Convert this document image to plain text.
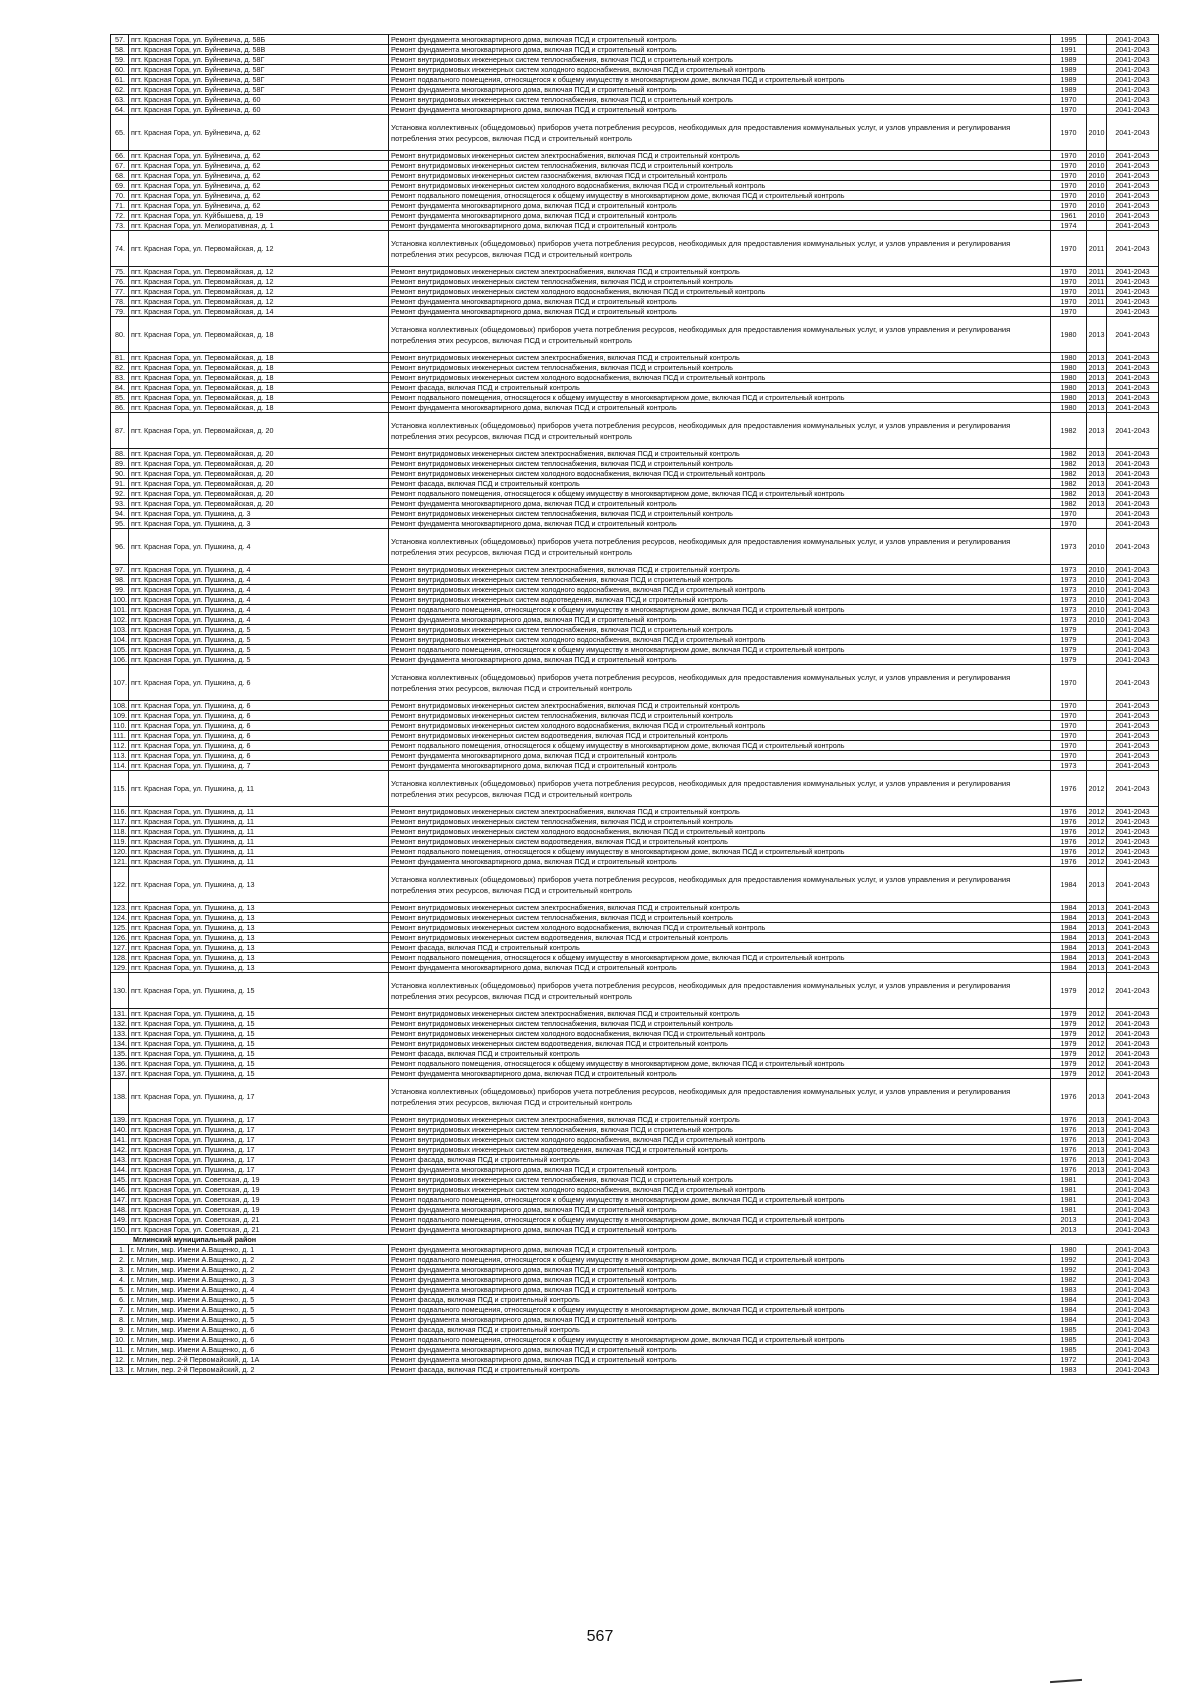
57.	пгт. Красная Гора, ул. Буйневича, д. 58Б	Ремонт фундамента многоквартирного дома, включая ПСД и строительный контроль	1995		2041-2043
58.	пгт. Красная Гора, ул. Буйневича, д. 58В	Ремонт фундамента многоквартирного дома, включая ПСД и строительный контроль	1991		2041-2043
59.	пгт. Красная Гора, ул. Буйневича, д. 58Г	Ремонт внутридомовых инженерных систем теплоснабжения, включая ПСД и строительный контроль	1989		2041-2043
60.	пгт. Красная Гора, ул. Буйневича, д. 58Г	Ремонт внутридомовых инженерных систем холодного водоснабжения, включая ПСД и строительный контроль	1989		2041-2043
61.	пгт. Красная Гора, ул. Буйневича, д. 58Г	Ремонт подвального помещения, относящегося к общему имуществу в многоквартирном доме, включая ПСД и строительный контроль	1989		2041-2043
62.	пгт. Красная Гора, ул. Буйневича, д. 58Г	Ремонт фундамента многоквартирного дома, включая ПСД и строительный контроль	1989		2041-2043
63.	пгт. Красная Гора, ул. Буйневича, д. 60	Ремонт внутридомовых инженерных систем теплоснабжения, включая ПСД и строительный контроль	1970		2041-2043
64.	пгт. Красная Гора, ул. Буйневича, д. 60	Ремонт фундамента многоквартирного дома, включая ПСД и строительный контроль	1970		2041-2043
65.	пгт. Красная Гора, ул. Буйневича, д. 62	Установка коллективных (общедомовых) приборов учета потребления ресурсов, необходимых для предоставления коммунальных услуг, и узлов управления и регулирования потребления этих ресурсов, включая ПСД и строительный контроль	1970	2010	2041-2043
66.	пгт. Красная Гора, ул. Буйневича, д. 62	Ремонт внутридомовых инженерных систем электроснабжения, включая ПСД и строительный контроль	1970	2010	2041-2043
67.	пгт. Красная Гора, ул. Буйневича, д. 62	Ремонт внутридомовых инженерных систем теплоснабжения, включая ПСД и строительный контроль	1970	2010	2041-2043
68.	пгт. Красная Гора, ул. Буйневича, д. 62	Ремонт внутридомовых инженерных систем газоснабжения, включая ПСД и строительный контроль	1970	2010	2041-2043
69.	пгт. Красная Гора, ул. Буйневича, д. 62	Ремонт внутридомовых инженерных систем холодного водоснабжения, включая ПСД и строительный контроль	1970	2010	2041-2043
70.	пгт. Красная Гора, ул. Буйневича, д. 62	Ремонт подвального помещения, относящегося к общему имуществу в многоквартирном доме, включая ПСД и строительный контроль	1970	2010	2041-2043
71.	пгт. Красная Гора, ул. Буйневича, д. 62	Ремонт фундамента многоквартирного дома, включая ПСД и строительный контроль	1970	2010	2041-2043
72.	пгт. Красная Гора, ул. Куйбышева, д. 19	Ремонт фундамента многоквартирного дома, включая ПСД и строительный контроль	1961	2010	2041-2043
73.	пгт. Красная Гора, ул. Мелиоративная, д. 1	Ремонт фундамента многоквартирного дома, включая ПСД и строительный контроль	1974		2041-2043
74.	пгт. Красная Гора, ул. Первомайская, д. 12	Установка коллективных (общедомовых) приборов учета потребления ресурсов, необходимых для предоставления коммунальных услуг, и узлов управления и регулирования потребления этих ресурсов, включая ПСД и строительный контроль	1970	2011	2041-2043
75.	пгт. Красная Гора, ул. Первомайская, д. 12	Ремонт внутридомовых инженерных систем электроснабжения, включая ПСД и строительный контроль	1970	2011	2041-2043
76.	пгт. Красная Гора, ул. Первомайская, д. 12	Ремонт внутридомовых инженерных систем теплоснабжения, включая ПСД и строительный контроль	1970	2011	2041-2043
77.	пгт. Красная Гора, ул. Первомайская, д. 12	Ремонт внутридомовых инженерных систем холодного водоснабжения, включая ПСД и строительный контроль	1970	2011	2041-2043
78.	пгт. Красная Гора, ул. Первомайская, д. 12	Ремонт фундамента многоквартирного дома, включая ПСД и строительный контроль	1970	2011	2041-2043
79.	пгт. Красная Гора, ул. Первомайская, д. 14	Ремонт фундамента многоквартирного дома, включая ПСД и строительный контроль	1970		2041-2043
80.	пгт. Красная Гора, ул. Первомайская, д. 18	Установка коллективных (общедомовых) приборов учета потребления ресурсов, необходимых для предоставления коммунальных услуг, и узлов управления и регулирования потребления этих ресурсов, включая ПСД и строительный контроль	1980	2013	2041-2043
81.	пгт. Красная Гора, ул. Первомайская, д. 18	Ремонт внутридомовых инженерных систем электроснабжения, включая ПСД и строительный контроль	1980	2013	2041-2043
82.	пгт. Красная Гора, ул. Первомайская, д. 18	Ремонт внутридомовых инженерных систем теплоснабжения, включая ПСД и строительный контроль	1980	2013	2041-2043
83.	пгт. Красная Гора, ул. Первомайская, д. 18	Ремонт внутридомовых инженерных систем холодного водоснабжения, включая ПСД и строительный контроль	1980	2013	2041-2043
84.	пгт. Красная Гора, ул. Первомайская, д. 18	Ремонт фасада, включая ПСД и строительный контроль	1980	2013	2041-2043
85.	пгт. Красная Гора, ул. Первомайская, д. 18	Ремонт подвального помещения, относящегося к общему имуществу в многоквартирном доме, включая ПСД и строительный контроль	1980	2013	2041-2043
86.	пгт. Красная Гора, ул. Первомайская, д. 18	Ремонт фундамента многоквартирного дома, включая ПСД и строительный контроль	1980	2013	2041-2043
87.	пгт. Красная Гора, ул. Первомайская, д. 20	Установка коллективных (общедомовых) приборов учета потребления ресурсов, необходимых для предоставления коммунальных услуг, и узлов управления и регулирования потребления этих ресурсов, включая ПСД и строительный контроль	1982	2013	2041-2043
88.	пгт. Красная Гора, ул. Первомайская, д. 20	Ремонт внутридомовых инженерных систем электроснабжения, включая ПСД и строительный контроль	1982	2013	2041-2043
89.	пгт. Красная Гора, ул. Первомайская, д. 20	Ремонт внутридомовых инженерных систем теплоснабжения, включая ПСД и строительный контроль	1982	2013	2041-2043
90.	пгт. Красная Гора, ул. Первомайская, д. 20	Ремонт внутридомовых инженерных систем холодного водоснабжения, включая ПСД и строительный контроль	1982	2013	2041-2043
91.	пгт. Красная Гора, ул. Первомайская, д. 20	Ремонт фасада, включая ПСД и строительный контроль	1982	2013	2041-2043
92.	пгт. Красная Гора, ул. Первомайская, д. 20	Ремонт подвального помещения, относящегося к общему имуществу в многоквартирном доме, включая ПСД и строительный контроль	1982	2013	2041-2043
93.	пгт. Красная Гора, ул. Первомайская, д. 20	Ремонт фундамента многоквартирного дома, включая ПСД и строительный контроль	1982	2013	2041-2043
94.	пгт. Красная Гора, ул. Пушкина, д. 3	Ремонт внутридомовых инженерных систем теплоснабжения, включая ПСД и строительный контроль	1970		2041-2043
95.	пгт. Красная Гора, ул. Пушкина, д. 3	Ремонт фундамента многоквартирного дома, включая ПСД и строительный контроль	1970		2041-2043
96.	пгт. Красная Гора, ул. Пушкина, д. 4	Установка коллективных (общедомовых) приборов учета потребления ресурсов, необходимых для предоставления коммунальных услуг, и узлов управления и регулирования потребления этих ресурсов, включая ПСД и строительный контроль	1973	2010	2041-2043
97.	пгт. Красная Гора, ул. Пушкина, д. 4	Ремонт внутридомовых инженерных систем электроснабжения, включая ПСД и строительный контроль	1973	2010	2041-2043
98.	пгт. Красная Гора, ул. Пушкина, д. 4	Ремонт внутридомовых инженерных систем теплоснабжения, включая ПСД и строительный контроль	1973	2010	2041-2043
99.	пгт. Красная Гора, ул. Пушкина, д. 4	Ремонт внутридомовых инженерных систем холодного водоснабжения, включая ПСД и строительный контроль	1973	2010	2041-2043
100.	пгт. Красная Гора, ул. Пушкина, д. 4	Ремонт внутридомовых инженерных систем водоотведения, включая ПСД и строительный контроль	1973	2010	2041-2043
101.	пгт. Красная Гора, ул. Пушкина, д. 4	Ремонт подвального помещения, относящегося к общему имуществу в многоквартирном доме, включая ПСД и строительный контроль	1973	2010	2041-2043
102.	пгт. Красная Гора, ул. Пушкина, д. 4	Ремонт фундамента многоквартирного дома, включая ПСД и строительный контроль	1973	2010	2041-2043
103.	пгт. Красная Гора, ул. Пушкина, д. 5	Ремонт внутридомовых инженерных систем теплоснабжения, включая ПСД и строительный контроль	1979		2041-2043
104.	пгт. Красная Гора, ул. Пушкина, д. 5	Ремонт внутридомовых инженерных систем холодного водоснабжения, включая ПСД и строительный контроль	1979		2041-2043
105.	пгт. Красная Гора, ул. Пушкина, д. 5	Ремонт подвального помещения, относящегося к общему имуществу в многоквартирном доме, включая ПСД и строительный контроль	1979		2041-2043
106.	пгт. Красная Гора, ул. Пушкина, д. 5	Ремонт фундамента многоквартирного дома, включая ПСД и строительный контроль	1979		2041-2043
107.	пгт. Красная Гора, ул. Пушкина, д. 6	Установка коллективных (общедомовых) приборов учета потребления ресурсов, необходимых для предоставления коммунальных услуг, и узлов управления и регулирования потребления этих ресурсов, включая ПСД и строительный контроль	1970		2041-2043
108.	пгт. Красная Гора, ул. Пушкина, д. 6	Ремонт внутридомовых инженерных систем электроснабжения, включая ПСД и строительный контроль	1970		2041-2043
109.	пгт. Красная Гора, ул. Пушкина, д. 6	Ремонт внутридомовых инженерных систем теплоснабжения, включая ПСД и строительный контроль	1970		2041-2043
110.	пгт. Красная Гора, ул. Пушкина, д. 6	Ремонт внутридомовых инженерных систем холодного водоснабжения, включая ПСД и строительный контроль	1970		2041-2043
111.	пгт. Красная Гора, ул. Пушкина, д. 6	Ремонт внутридомовых инженерных систем водоотведения, включая ПСД и строительный контроль	1970		2041-2043
112.	пгт. Красная Гора, ул. Пушкина, д. 6	Ремонт подвального помещения, относящегося к общему имуществу в многоквартирном доме, включая ПСД и строительный контроль	1970		2041-2043
113.	пгт. Красная Гора, ул. Пушкина, д. 6	Ремонт фундамента многоквартирного дома, включая ПСД и строительный контроль	1970		2041-2043
114.	пгт. Красная Гора, ул. Пушкина, д. 7	Ремонт фундамента многоквартирного дома, включая ПСД и строительный контроль	1973		2041-2043
115.	пгт. Красная Гора, ул. Пушкина, д. 11	Установка коллективных (общедомовых) приборов учета потребления ресурсов, необходимых для предоставления коммунальных услуг, и узлов управления и регулирования потребления этих ресурсов, включая ПСД и строительный контроль	1976	2012	2041-2043
116.	пгт. Красная Гора, ул. Пушкина, д. 11	Ремонт внутридомовых инженерных систем электроснабжения, включая ПСД и строительный контроль	1976	2012	2041-2043
117.	пгт. Красная Гора, ул. Пушкина, д. 11	Ремонт внутридомовых инженерных систем теплоснабжения, включая ПСД и строительный контроль	1976	2012	2041-2043
118.	пгт. Красная Гора, ул. Пушкина, д. 11	Ремонт внутридомовых инженерных систем холодного водоснабжения, включая ПСД и строительный контроль	1976	2012	2041-2043
119.	пгт. Красная Гора, ул. Пушкина, д. 11	Ремонт внутридомовых инженерных систем водоотведения, включая ПСД и строительный контроль	1976	2012	2041-2043
120.	пгт. Красная Гора, ул. Пушкина, д. 11	Ремонт подвального помещения, относящегося к общему имуществу в многоквартирном доме, включая ПСД и строительный контроль	1976	2012	2041-2043
121.	пгт. Красная Гора, ул. Пушкина, д. 11	Ремонт фундамента многоквартирного дома, включая ПСД и строительный контроль	1976	2012	2041-2043
122.	пгт. Красная Гора, ул. Пушкина, д. 13	Установка коллективных (общедомовых) приборов учета потребления ресурсов, необходимых для предоставления коммунальных услуг, и узлов управления и регулирования потребления этих ресурсов, включая ПСД и строительный контроль	1984	2013	2041-2043
123.	пгт. Красная Гора, ул. Пушкина, д. 13	Ремонт внутридомовых инженерных систем электроснабжения, включая ПСД и строительный контроль	1984	2013	2041-2043
124.	пгт. Красная Гора, ул. Пушкина, д. 13	Ремонт внутридомовых инженерных систем теплоснабжения, включая ПСД и строительный контроль	1984	2013	2041-2043
125.	пгт. Красная Гора, ул. Пушкина, д. 13	Ремонт внутридомовых инженерных систем холодного водоснабжения, включая ПСД и строительный контроль	1984	2013	2041-2043
126.	пгт. Красная Гора, ул. Пушкина, д. 13	Ремонт внутридомовых инженерных систем водоотведения, включая ПСД и строительный контроль	1984	2013	2041-2043
127.	пгт. Красная Гора, ул. Пушкина, д. 13	Ремонт фасада, включая ПСД и строительный контроль	1984	2013	2041-2043
128.	пгт. Красная Гора, ул. Пушкина, д. 13	Ремонт подвального помещения, относящегося к общему имуществу в многоквартирном доме, включая ПСД и строительный контроль	1984	2013	2041-2043
129.	пгт. Красная Гора, ул. Пушкина, д. 13	Ремонт фундамента многоквартирного дома, включая ПСД и строительный контроль	1984	2013	2041-2043
130.	пгт. Красная Гора, ул. Пушкина, д. 15	Установка коллективных (общедомовых) приборов учета потребления ресурсов, необходимых для предоставления коммунальных услуг, и узлов управления и регулирования потребления этих ресурсов, включая ПСД и строительный контроль	1979	2012	2041-2043
131.	пгт. Красная Гора, ул. Пушкина, д. 15	Ремонт внутридомовых инженерных систем электроснабжения, включая ПСД и строительный контроль	1979	2012	2041-2043
132.	пгт. Красная Гора, ул. Пушкина, д. 15	Ремонт внутридомовых инженерных систем теплоснабжения, включая ПСД и строительный контроль	1979	2012	2041-2043
133.	пгт. Красная Гора, ул. Пушкина, д. 15	Ремонт внутридомовых инженерных систем холодного водоснабжения, включая ПСД и строительный контроль	1979	2012	2041-2043
134.	пгт. Красная Гора, ул. Пушкина, д. 15	Ремонт внутридомовых инженерных систем водоотведения, включая ПСД и строительный контроль	1979	2012	2041-2043
135.	пгт. Красная Гора, ул. Пушкина, д. 15	Ремонт фасада, включая ПСД и строительный контроль	1979	2012	2041-2043
136.	пгт. Красная Гора, ул. Пушкина, д. 15	Ремонт подвального помещения, относящегося к общему имуществу в многоквартирном доме, включая ПСД и строительный контроль	1979	2012	2041-2043
137.	пгт. Красная Гора, ул. Пушкина, д. 15	Ремонт фундамента многоквартирного дома, включая ПСД и строительный контроль	1979	2012	2041-2043
138.	пгт. Красная Гора, ул. Пушкина, д. 17	Установка коллективных (общедомовых) приборов учета потребления ресурсов, необходимых для предоставления коммунальных услуг, и узлов управления и регулирования потребления этих ресурсов, включая ПСД и строительный контроль	1976	2013	2041-2043
139.	пгт. Красная Гора, ул. Пушкина, д. 17	Ремонт внутридомовых инженерных систем электроснабжения, включая ПСД и строительный контроль	1976	2013	2041-2043
140.	пгт. Красная Гора, ул. Пушкина, д. 17	Ремонт внутридомовых инженерных систем теплоснабжения, включая ПСД и строительный контроль	1976	2013	2041-2043
141.	пгт. Красная Гора, ул. Пушкина, д. 17	Ремонт внутридомовых инженерных систем холодного водоснабжения, включая ПСД и строительный контроль	1976	2013	2041-2043
142.	пгт. Красная Гора, ул. Пушкина, д. 17	Ремонт внутридомовых инженерных систем водоотведения, включая ПСД и строительный контроль	1976	2013	2041-2043
143.	пгт. Красная Гора, ул. Пушкина, д. 17	Ремонт фасада, включая ПСД и строительный контроль	1976	2013	2041-2043
144.	пгт. Красная Гора, ул. Пушкина, д. 17	Ремонт фундамента многоквартирного дома, включая ПСД и строительный контроль	1976	2013	2041-2043
145.	пгт. Красная Гора, ул. Советская, д. 19	Ремонт внутридомовых инженерных систем теплоснабжения, включая ПСД и строительный контроль	1981		2041-2043
146.	пгт. Красная Гора, ул. Советская, д. 19	Ремонт внутридомовых инженерных систем холодного водоснабжения, включая ПСД и строительный контроль	1981		2041-2043
147.	пгт. Красная Гора, ул. Советская, д. 19	Ремонт подвального помещения, относящегося к общему имуществу в многоквартирном доме, включая ПСД и строительный контроль	1981		2041-2043
148.	пгт. Красная Гора, ул. Советская, д. 19	Ремонт фундамента многоквартирного дома, включая ПСД и строительный контроль	1981		2041-2043
149.	пгт. Красная Гора, ул. Советская, д. 21	Ремонт подвального помещения, относящегося к общему имуществу в многоквартирном доме, включая ПСД и строительный контроль	2013		2041-2043
150.	пгт. Красная Гора, ул. Советская, д. 21	Ремонт фундамента многоквартирного дома, включая ПСД и строительный контроль	2013		2041-2043
Мглинский муниципальный район					
1.	г. Мглин, мкр. Имени А.Ващенко, д. 1	Ремонт фундамента многоквартирного дома, включая ПСД и строительный контроль	1980		2041-2043
2.	г. Мглин, мкр. Имени А.Ващенко, д. 2	Ремонт подвального помещения, относящегося к общему имуществу в многоквартирном доме, включая ПСД и строительный контроль	1992		2041-2043
3.	г. Мглин, мкр. Имени А.Ващенко, д. 2	Ремонт фундамента многоквартирного дома, включая ПСД и строительный контроль	1992		2041-2043
4.	г. Мглин, мкр. Имени А.Ващенко, д. 3	Ремонт фундамента многоквартирного дома, включая ПСД и строительный контроль	1982		2041-2043
5.	г. Мглин, мкр. Имени А.Ващенко, д. 4	Ремонт фундамента многоквартирного дома, включая ПСД и строительный контроль	1983		2041-2043
6.	г. Мглин, мкр. Имени А.Ващенко, д. 5	Ремонт фасада, включая ПСД и строительный контроль	1984		2041-2043
7.	г. Мглин, мкр. Имени А.Ващенко, д. 5	Ремонт подвального помещения, относящегося к общему имуществу в многоквартирном доме, включая ПСД и строительный контроль	1984		2041-2043
8.	г. Мглин, мкр. Имени А.Ващенко, д. 5	Ремонт фундамента многоквартирного дома, включая ПСД и строительный контроль	1984		2041-2043
9.	г. Мглин, мкр. Имени А.Ващенко, д. 6	Ремонт фасада, включая ПСД и строительный контроль	1985		2041-2043
10.	г. Мглин, мкр. Имени А.Ващенко, д. 6	Ремонт подвального помещения, относящегося к общему имуществу в многоквартирном доме, включая ПСД и строительный контроль	1985		2041-2043
11.	г. Мглин, мкр. Имени А.Ващенко, д. 6	Ремонт фундамента многоквартирного дома, включая ПСД и строительный контроль	1985		2041-2043
12.	г. Мглин, пер. 2-й Первомайский, д. 1А	Ремонт фундамента многоквартирного дома, включая ПСД и строительный контроль	1972		2041-2043
13.	г. Мглин, пер. 2-й Первомайский, д. 2	Ремонт фасада, включая ПСД и строительный контроль	1983		2041-2043
567
